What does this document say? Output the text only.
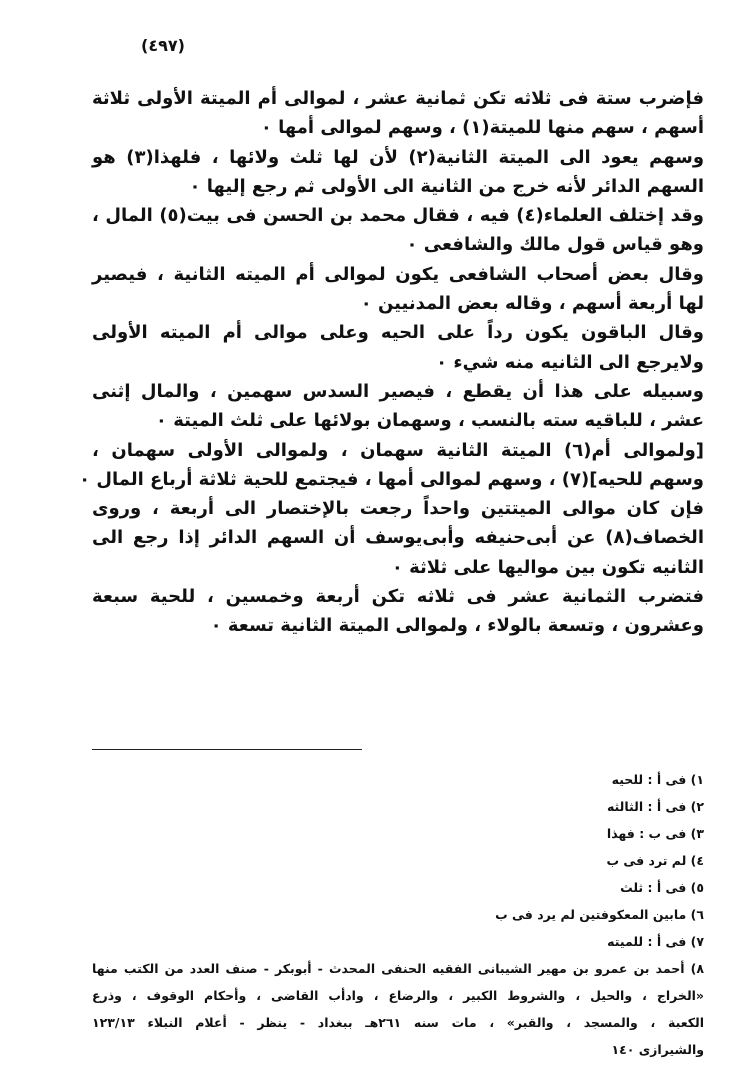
(٤٩٧)
فإضرب ستة فى ثلاثه تكن ثمانية عشر ، لموالى أم الميتة الأولى ثلاثة
أسهم ، سهم منها للميتة(١) ، وسهم لموالى أمها ٠
وسهم يعود الى الميتة الثانية(٢) لأن لها ثلث ولائها ، فلهذا(٣) هو
السهم الدائر لأنه خرج من الثانية الى الأولى ثم رجع إليها ٠
وقد إختلف العلماء(٤) فيه ، فقال محمد بن الحسن فى بيت(٥) المال ،
وهو قياس قول مالك والشافعى ٠
وقال بعض أصحاب الشافعى يكون لموالى أم الميته الثانية ، فيصير
لها أربعة أسهم ، وقاله بعض المدنيين ٠
وقال الباقون يكون رداً على الحيه وعلى موالى أم الميته الأولى
ولايرجع الى الثانيه منه شيء ٠
وسبيله على هذا أن يقطع ، فيصير السدس سهمين ، والمال إثنى
عشر ، للباقيه سته بالنسب ، وسهمان بولائها على ثلث الميتة ٠
[ولموالى أم(٦) الميتة الثانية سهمان ، ولموالى الأولى سهمان ،
وسهم للحيه](٧) ، وسهم لموالى أمها ، فيجتمع للحية ثلاثة أرباع المال ٠
فإن كان موالى الميتتين واحداً رجعت بالإختصار الى أربعة ، وروى
الخصاف(٨) عن أبى‌حنيفه وأبى‌يوسف أن السهم الدائر إذا رجع الى
الثانيه تكون بين مواليها على ثلاثة ٠
فتضرب الثمانية عشر فى ثلاثه تكن أربعة وخمسين ، للحية سبعة
وعشرون ، وتسعة بالولاء ، ولموالى الميتة الثانية تسعة ٠
١) فى أ : للحيه
٢) فى أ : الثالثه
٣) فى ب : فهذا
٤) لم ترد فى ب
٥) فى أ : ثلث
٦) مابين المعكوفتين لم يرد فى ب
٧) فى أ : للميته
٨) أحمد بن عمرو بن مهير الشيبانى الفقيه الحنفى المحدث - أبوبكر - صنف العدد من الكتب منها
«الخراج ، والحيل ، والشروط الكبير ، والرضاع ، وادأب القاضى ، وأحكام الوقوف ، وذرع
الكعبة ، والمسجد ، والقبر» ، مات سنه ٢٦١هـ ببغداد - ينظر - أعلام النبلاء ١٢٣/١٣
والشيرازى ١٤٠
